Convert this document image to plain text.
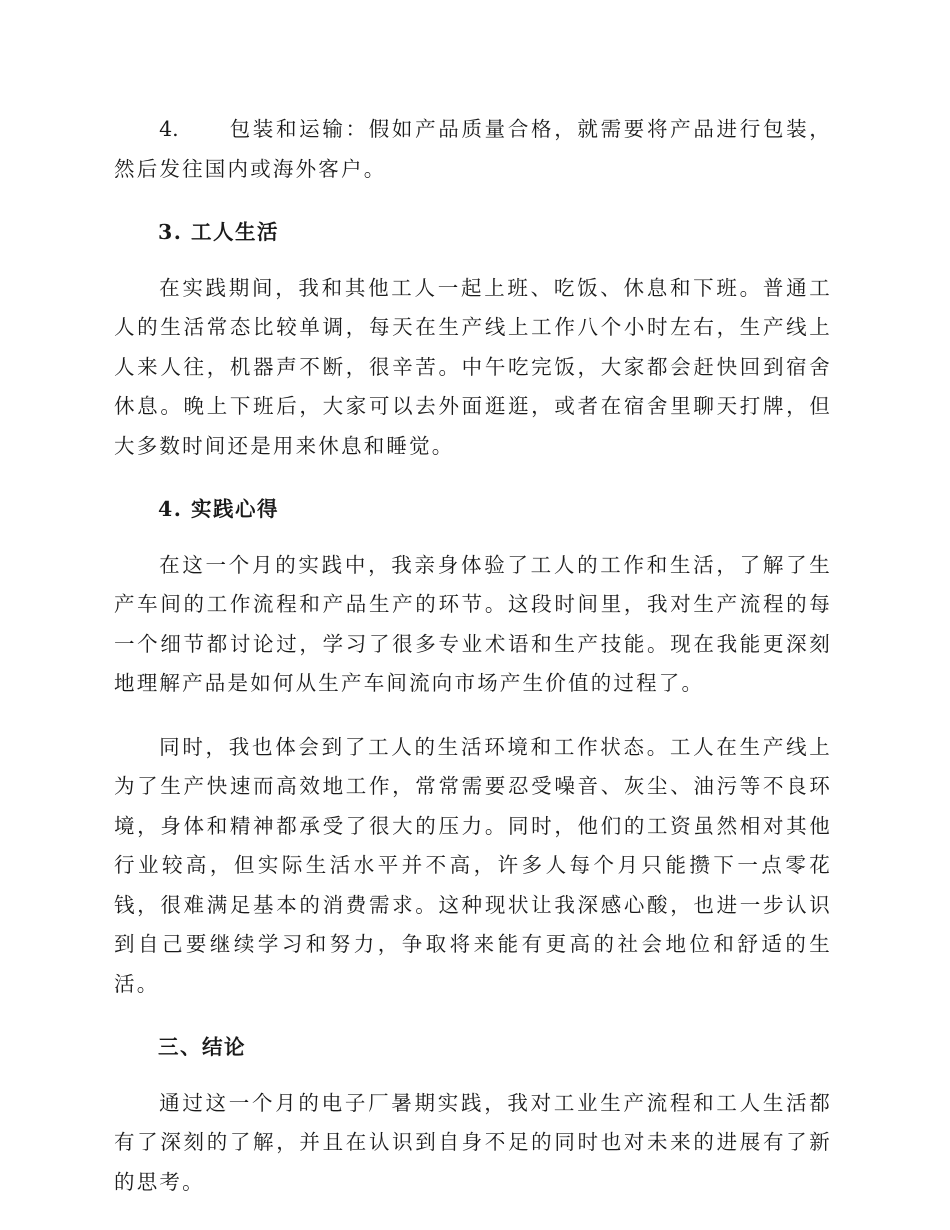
4. 包装和运输：假如产品质量合格，就需要将产品进行包装，然后发往国内或海外客户。

3. 工人生活

在实践期间，我和其他工人一起上班、吃饭、休息和下班。普通工人的生活常态比较单调，每天在生产线上工作八个小时左右，生产线上人来人往，机器声不断，很辛苦。中午吃完饭，大家都会赶快回到宿舍休息。晚上下班后，大家可以去外面逛逛，或者在宿舍里聊天打牌，但大多数时间还是用来休息和睡觉。

4. 实践心得

在这一个月的实践中，我亲身体验了工人的工作和生活，了解了生产车间的工作流程和产品生产的环节。这段时间里，我对生产流程的每一个细节都讨论过，学习了很多专业术语和生产技能。现在我能更深刻地理解产品是如何从生产车间流向市场产生价值的过程了。

同时，我也体会到了工人的生活环境和工作状态。工人在生产线上为了生产快速而高效地工作，常常需要忍受噪音、灰尘、油污等不良环境，身体和精神都承受了很大的压力。同时，他们的工资虽然相对其他行业较高，但实际生活水平并不高，许多人每个月只能攒下一点零花钱，很难满足基本的消费需求。这种现状让我深感心酸，也进一步认识到自己要继续学习和努力，争取将来能有更高的社会地位和舒适的生活。

三、结论

通过这一个月的电子厂暑期实践，我对工业生产流程和工人生活都有了深刻的了解，并且在认识到自身不足的同时也对未来的进展有了新的思考。
